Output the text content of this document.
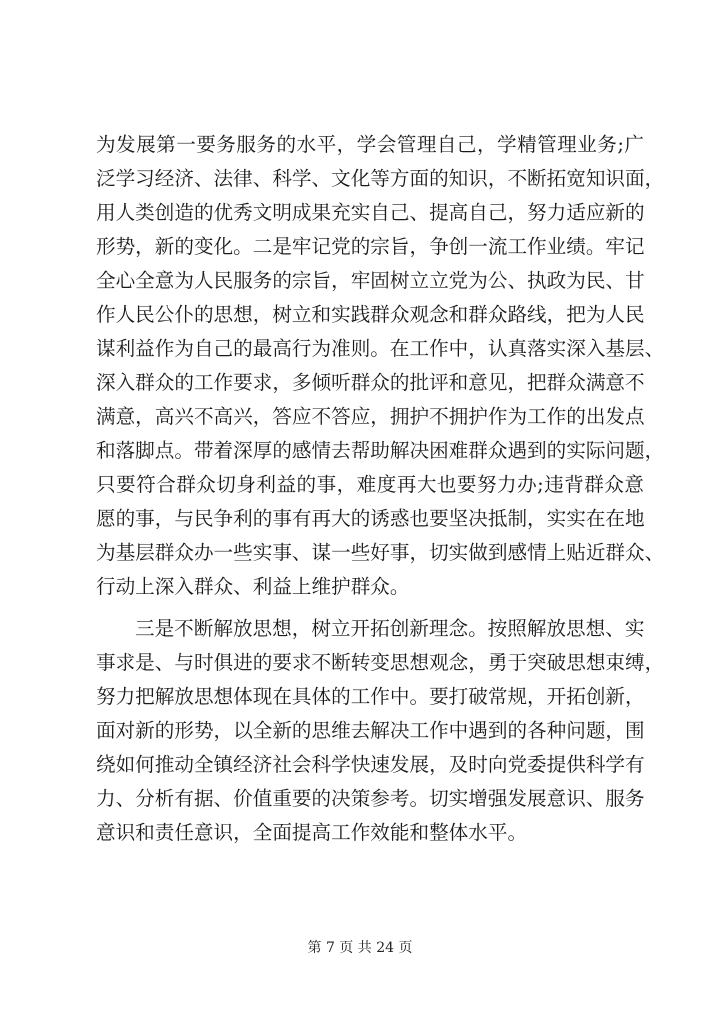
为发展第一要务服务的水平，学会管理自己，学精管理业务;广
泛学习经济、法律、科学、文化等方面的知识，不断拓宽知识面，
用人类创造的优秀文明成果充实自己、提高自己，努力适应新的
形势，新的变化。二是牢记党的宗旨，争创一流工作业绩。牢记
全心全意为人民服务的宗旨，牢固树立立党为公、执政为民、甘
作人民公仆的思想，树立和实践群众观念和群众路线，把为人民
谋利益作为自己的最高行为准则。在工作中，认真落实深入基层、
深入群众的工作要求，多倾听群众的批评和意见，把群众满意不
满意，高兴不高兴，答应不答应，拥护不拥护作为工作的出发点
和落脚点。带着深厚的感情去帮助解决困难群众遇到的实际问题，
只要符合群众切身利益的事，难度再大也要努力办;违背群众意
愿的事，与民争利的事有再大的诱惑也要坚决抵制，实实在在地
为基层群众办一些实事、谋一些好事，切实做到感情上贴近群众、
行动上深入群众、利益上维护群众。
三是不断解放思想，树立开拓创新理念。按照解放思想、实
事求是、与时俱进的要求不断转变思想观念，勇于突破思想束缚，
努力把解放思想体现在具体的工作中。要打破常规，开拓创新，
面对新的形势，以全新的思维去解决工作中遇到的各种问题，围
绕如何推动全镇经济社会科学快速发展，及时向党委提供科学有
力、分析有据、价值重要的决策参考。切实增强发展意识、服务
意识和责任意识，全面提高工作效能和整体水平。
第 7 页 共 24 页
